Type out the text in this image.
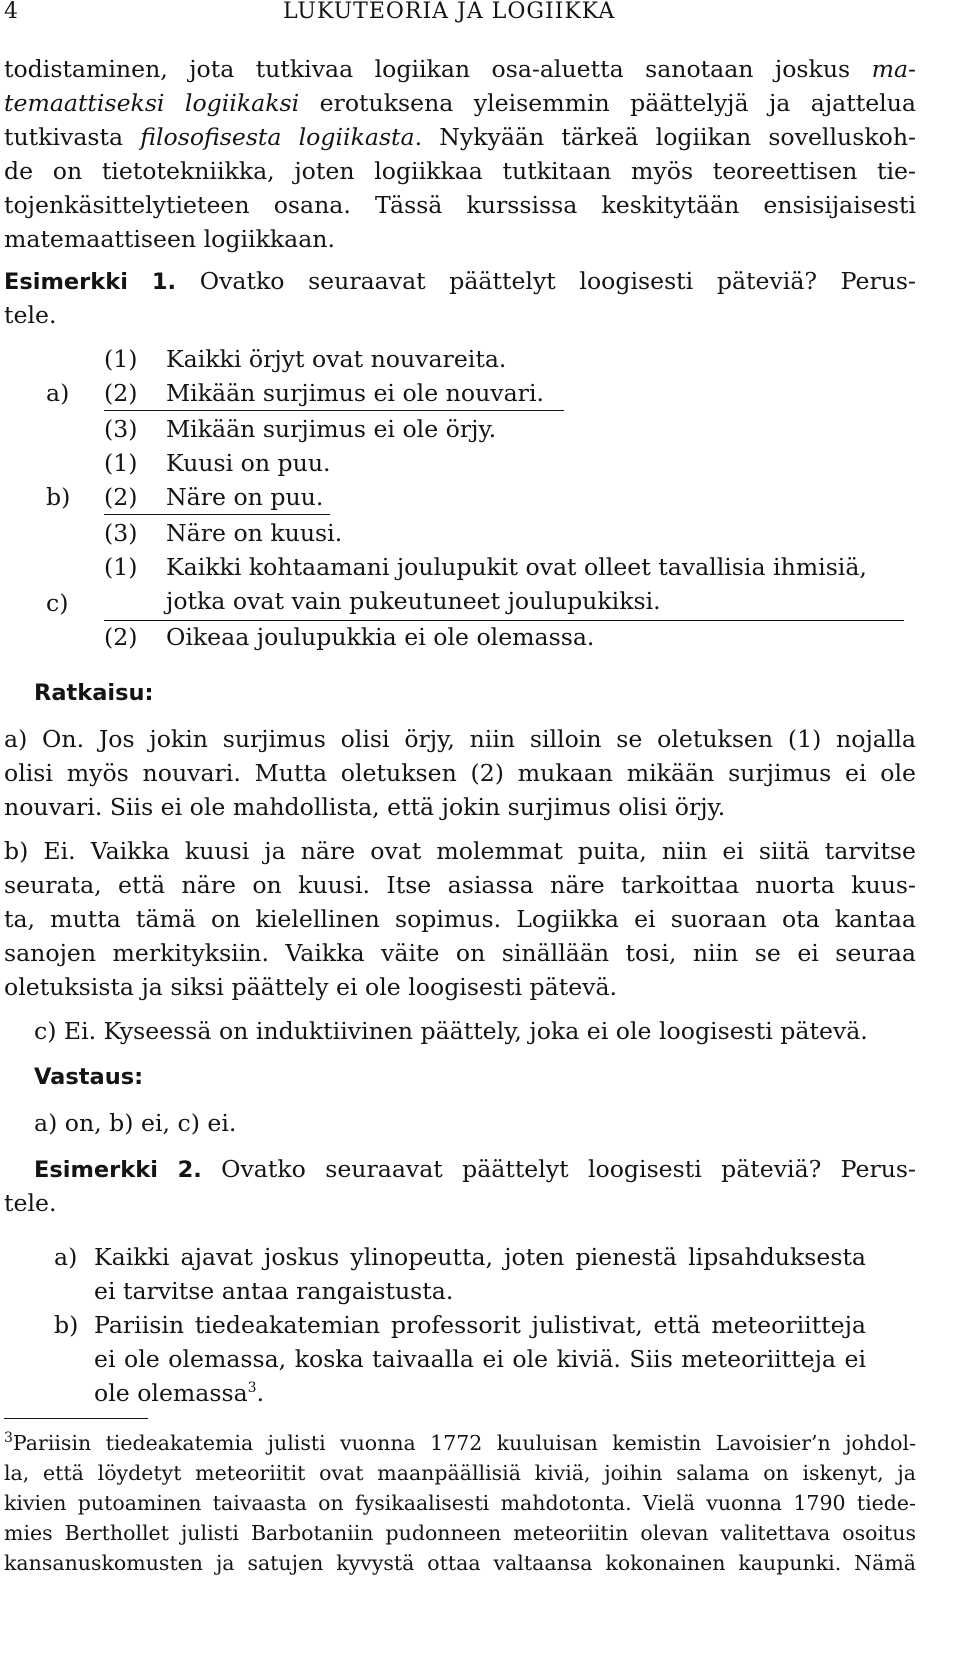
4	LUKUTEORIA JA LOGIIKKA
todistaminen, jota tutkivaa logiikan osa-aluetta sanotaan joskus ma-
temaattiseksi logiikaksi erotuksena yleisemmin päättelyjä ja ajattelua
tutkivasta filosofisesta logiikasta. Nykyään tärkeä logiikan sovelluskoh-
de on tietotekniikka, joten logiikkaa tutkitaan myös teoreettisen tie-
tojenkäsittelytieteen osana. Tässä kurssissa keskitytään ensisijaisesti
matemaattiseen logiikkaan.
Esimerkki 1. Ovatko seuraavat päättelyt loogisesti päteviä? Perus-
tele.
a)
(1) Kaikki örjyt ovat nouvareita.
(2) Mikään surjimus ei ole nouvari.
(3) Mikään surjimus ei ole örjy.
b)
(1) Kuusi on puu.
(2) Näre on puu.
(3) Näre on kuusi.
c)
(1) Kaikki kohtaamani joulupukit ovat olleet tavallisia ihmisiä,
jotka ovat vain pukeutuneet joulupukiksi.
(2) Oikeaa joulupukkia ei ole olemassa.
Ratkaisu:
a) On. Jos jokin surjimus olisi örjy, niin silloin se oletuksen (1) nojalla
olisi myös nouvari. Mutta oletuksen (2) mukaan mikään surjimus ei ole
nouvari. Siis ei ole mahdollista, että jokin surjimus olisi örjy.
b) Ei. Vaikka kuusi ja näre ovat molemmat puita, niin ei siitä tarvitse
seurata, että näre on kuusi. Itse asiassa näre tarkoittaa nuorta kuus-
ta, mutta tämä on kielellinen sopimus. Logiikka ei suoraan ota kantaa
sanojen merkityksiin. Vaikka väite on sinällään tosi, niin se ei seuraa
oletuksista ja siksi päättely ei ole loogisesti pätevä.
c) Ei. Kyseessä on induktiivinen päättely, joka ei ole loogisesti pätevä.
Vastaus:
a) on, b) ei, c) ei.
Esimerkki 2. Ovatko seuraavat päättelyt loogisesti päteviä? Perus-
tele.
a) Kaikki ajavat joskus ylinopeutta, joten pienestä lipsahduksesta
ei tarvitse antaa rangaistusta.
b) Pariisin tiedeakatemian professorit julistivat, että meteoriitteja
ei ole olemassa, koska taivaalla ei ole kiviä. Siis meteoriitteja ei
ole olemassa$^3$.
$^3$Pariisin tiedeakatemia julisti vuonna 1772 kuuluisan kemistin Lavoisier’n johdol-
la, että löydetyt meteoriitit ovat maanpäällisiä kiviä, joihin salama on iskenyt, ja
kivien putoaminen taivaasta on fysikaalisesti mahdotonta. Vielä vuonna 1790 tiede-
mies Berthollet julisti Barbotaniin pudonneen meteoriitin olevan valitettava osoitus
kansanuskomusten ja satujen kyvystä ottaa valtaansa kokonainen kaupunki. Nämä
